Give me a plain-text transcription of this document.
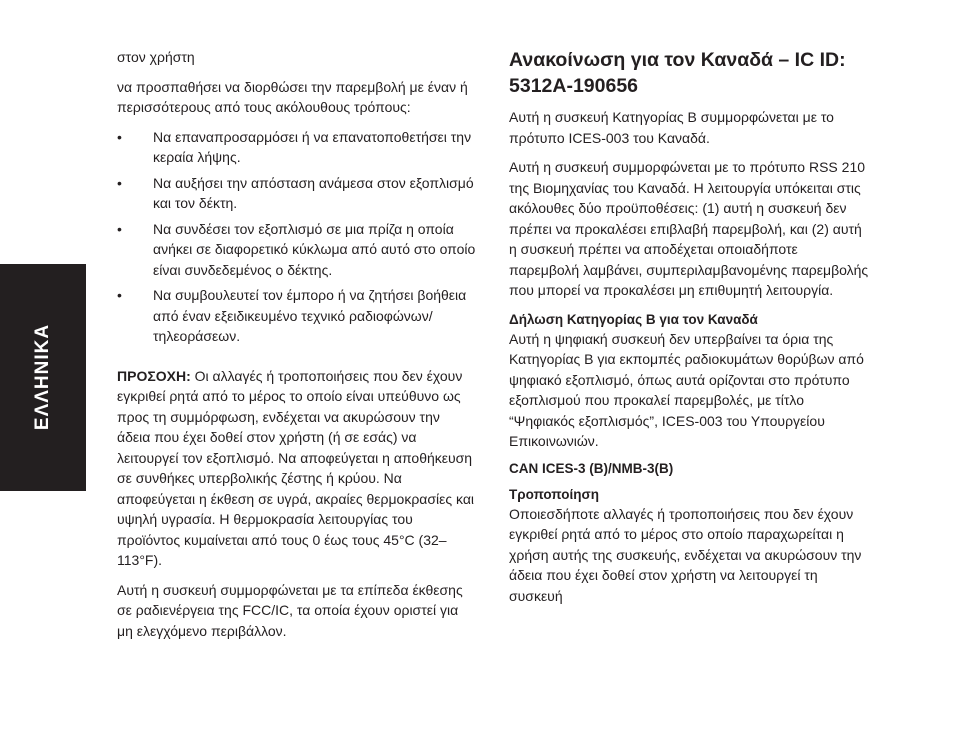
ΕΛΛΗΝΙΚΑ

στον χρήστη

να προσπαθήσει να διορθώσει την παρεμβολή με έναν ή περισσότερους από τους ακόλουθους τρόπους:

• Να επαναπροσαρμόσει ή να επανατοποθετήσει την κεραία λήψης.
• Να αυξήσει την απόσταση ανάμεσα στον εξοπλισμό και τον δέκτη.
• Να συνδέσει τον εξοπλισμό σε μια πρίζα η οποία ανήκει σε διαφορετικό κύκλωμα από αυτό στο οποίο είναι συνδεδεμένος ο δέκτης.
• Να συμβουλευτεί τον έμπορο ή να ζητήσει βοήθεια από έναν εξειδικευμένο τεχνικό ραδιοφώνων/τηλεοράσεων.

ΠΡΟΣΟΧΗ: Οι αλλαγές ή τροποποιήσεις που δεν έχουν εγκριθεί ρητά από το μέρος το οποίο είναι υπεύθυνο ως προς τη συμμόρφωση, ενδέχεται να ακυρώσουν την άδεια που έχει δοθεί στον χρήστη (ή σε εσάς) να λειτουργεί τον εξοπλισμό. Να αποφεύγεται η αποθήκευση σε συνθήκες υπερβολικής ζέστης ή κρύου. Να αποφεύγεται η έκθεση σε υγρά, ακραίες θερμοκρασίες και υψηλή υγρασία. Η θερμοκρασία λειτουργίας του προϊόντος κυμαίνεται από τους 0 έως τους 45°C (32–113°F).

Αυτή η συσκευή συμμορφώνεται με τα επίπεδα έκθεσης σε ραδιενέργεια της FCC/IC, τα οποία έχουν οριστεί για μη ελεγχόμενο περιβάλλον.

Ανακοίνωση για τον Καναδά – IC ID: 5312A-190656

Αυτή η συσκευή Κατηγορίας B συμμορφώνεται με το πρότυπο ICES-003 του Καναδά.

Αυτή η συσκευή συμμορφώνεται με το πρότυπο RSS 210 της Βιομηχανίας του Καναδά. Η λειτουργία υπόκειται στις ακόλουθες δύο προϋποθέσεις: (1) αυτή η συσκευή δεν πρέπει να προκαλέσει επιβλαβή παρεμβολή, και (2) αυτή η συσκευή πρέπει να αποδέχεται οποιαδήποτε παρεμβολή λαμβάνει, συμπεριλαμβανομένης παρεμβολής που μπορεί να προκαλέσει μη επιθυμητή λειτουργία.

Δήλωση Κατηγορίας B για τον Καναδά

Αυτή η ψηφιακή συσκευή δεν υπερβαίνει τα όρια της Κατηγορίας B για εκπομπές ραδιοκυμάτων θορύβων από ψηφιακό εξοπλισμό, όπως αυτά ορίζονται στο πρότυπο εξοπλισμού που προκαλεί παρεμβολές, με τίτλο “Ψηφιακός εξοπλισμός”, ICES-003 του Υπουργείου Επικοινωνιών.

CAN ICES-3 (B)/NMB-3(B)
Τροποποίηση

Οποιεσδήποτε αλλαγές ή τροποποιήσεις που δεν έχουν εγκριθεί ρητά από το μέρος στο οποίο παραχωρείται η χρήση αυτής της συσκευής, ενδέχεται να ακυρώσουν την άδεια που έχει δοθεί στον χρήστη να λειτουργεί τη συσκευή
